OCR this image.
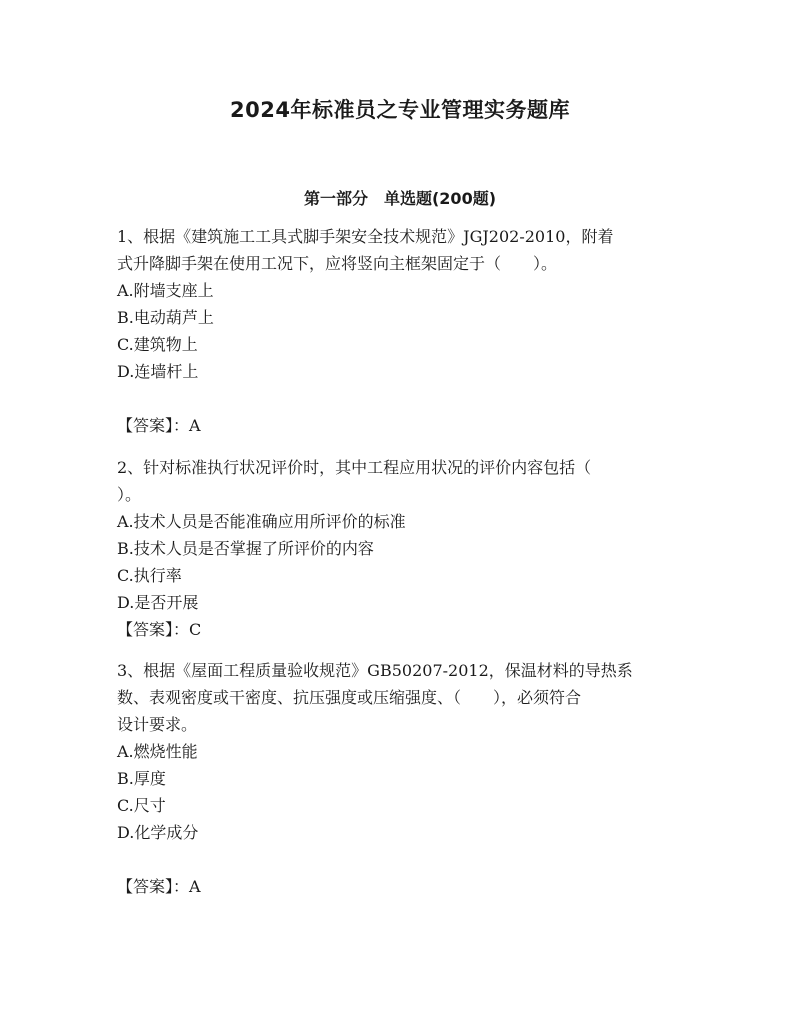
2024年标准员之专业管理实务题库
第一部分　单选题(200题)
1、根据《建筑施工工具式脚手架安全技术规范》JGJ202-2010，附着
式升降脚手架在使用工况下，应将竖向主框架固定于（　　）。
A.附墙支座上
B.电动葫芦上
C.建筑物上
D.连墙杆上
【答案】：A
2、针对标准执行状况评价时，其中工程应用状况的评价内容包括（
）。
A.技术人员是否能准确应用所评价的标准
B.技术人员是否掌握了所评价的内容
C.执行率
D.是否开展
【答案】：C
3、根据《屋面工程质量验收规范》GB50207-2012，保温材料的导热系
数、表观密度或干密度、抗压强度或压缩强度、（　　），必须符合
设计要求。
A.燃烧性能
B.厚度
C.尺寸
D.化学成分
【答案】：A
